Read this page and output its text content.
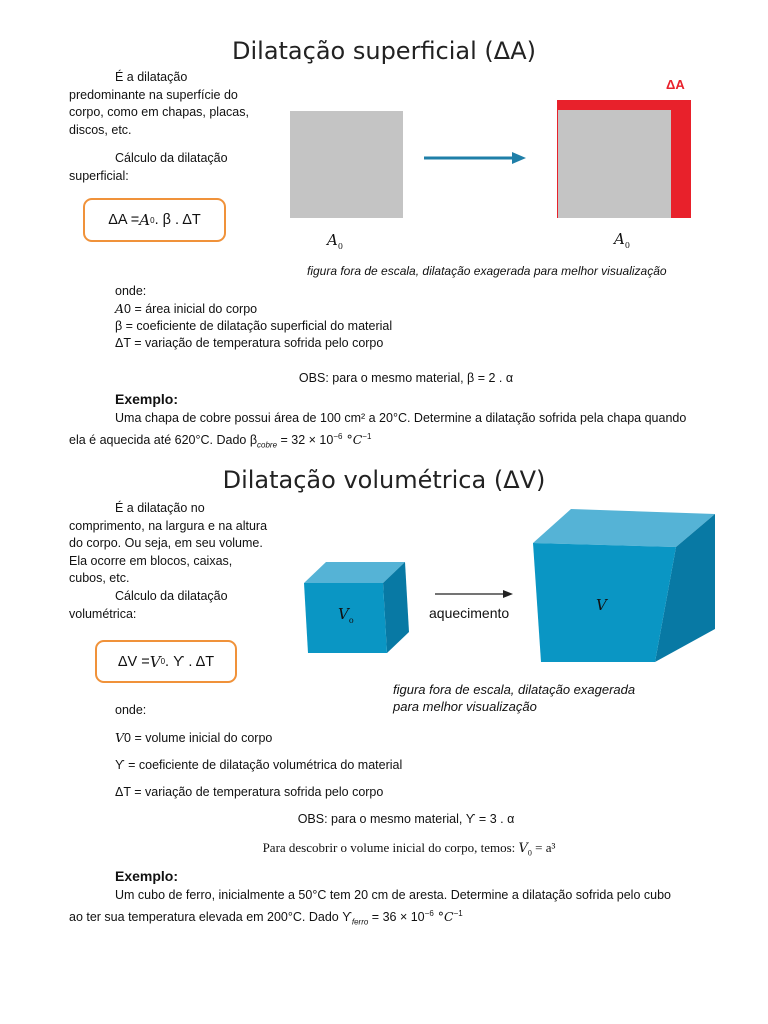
Dilatação superficial (ΔA)
É a dilatação predominante na superfície do corpo, como em chapas, placas, discos, etc.
Cálculo da dilatação superficial:
ΔA = A 0 . β . ΔT
ΔA
$A_0$	$A_0$
figura fora de escala, dilatação exagerada para melhor visualização
onde:
A0 = área inicial do corpo
β = coeficiente de dilatação superficial do material
ΔT = variação de temperatura sofrida pelo corpo
OBS: para o mesmo material, β = 2 . α
Exemplo:
Uma chapa de cobre possui área de 100 cm² a 20°C. Determine a dilatação sofrida pela chapa quando
ela é aquecida até 620°C. Dado $\beta_{cobre} = 32 \times 10^{-6}$ $^\circ C^{-1}$
Dilatação volumétrica (ΔV)
É a dilatação no comprimento, na largura e na altura do corpo. Ou seja, em seu volume. Ela ocorre em blocos, caixas, cubos, etc.
Cálculo da dilatação volumétrica:
ΔV = V 0 . ϒ . ΔT
$V_o$
V
aquecimento
figura fora de escala, dilatação exagerada
para melhor visualização
onde:
V0 = volume inicial do corpo
ϒ = coeficiente de dilatação volumétrica do material
ΔT = variação de temperatura sofrida pelo corpo
OBS: para o mesmo material, ϒ = 3 . α
Para descobrir o volume inicial do corpo, temos: $V_0 = a^3$
Exemplo:
Um cubo de ferro, inicialmente a 50°C tem 20 cm de aresta. Determine a dilatação sofrida pelo cubo
ao ter sua temperatura elevada em 200°C. Dado $ϒ_{ferro} = 36 \times 10^{-6}$ $^\circ C^{-1}$
